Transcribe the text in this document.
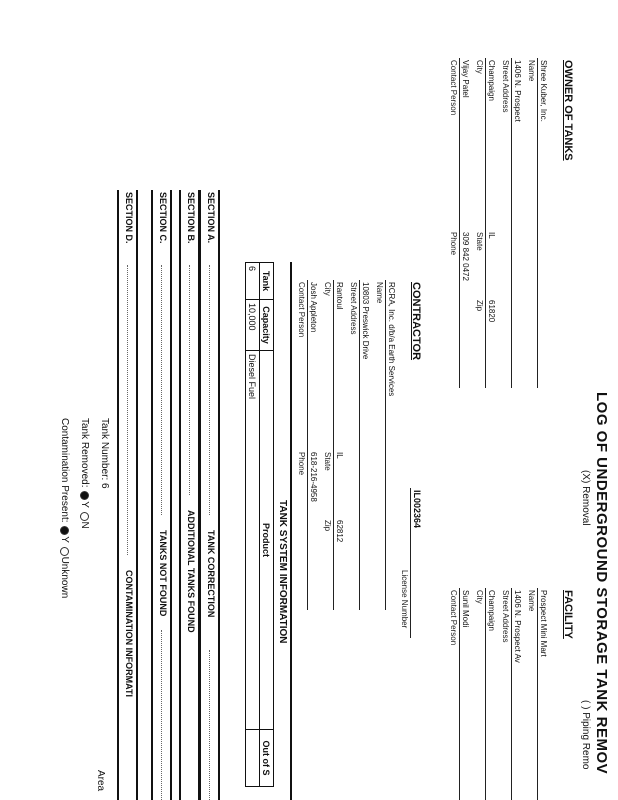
LOG OF UNDERGROUND STORAGE TANK REMOV
(X) Removal
( ) Piping Remo
OWNER OF TANKS
Shree Kuber, Inc.
Name
1406 N. Prospect
Street Address
Champaign
IL
61820
City
State
Zip
Vijay Patel
309 842 0472
Contact Person
Phone
FACILITY
Prospect Mini Mart
Name
1406 N. Prospect Av
Street Address
Champaign
City
Sunil Modi
Contact Person
CONTRACTOR
IL002364
License Number
RCRA, Inc. d/b/a Earth Services
Name
10803 Preswick Drive
Street Address
Rantoul
IL
62812
City
State
Zip
Josh Appleton
618-216-4958
Contact Person
Phone
TANK SYSTEM INFORMATION
Tank	Capacity	Product	Out of S
6	10,000	Diesel Fuel	
SECTION A.
TANK CORRECTION
SECTION B.
ADDITIONAL TANKS FOUND
SECTION C.
TANKS NOT FOUND
SECTION D.
CONTAMINATION INFORMATI
Tank Number: 6
Tank Removed: Y N
Contamination Present: Y Unknown
Area
